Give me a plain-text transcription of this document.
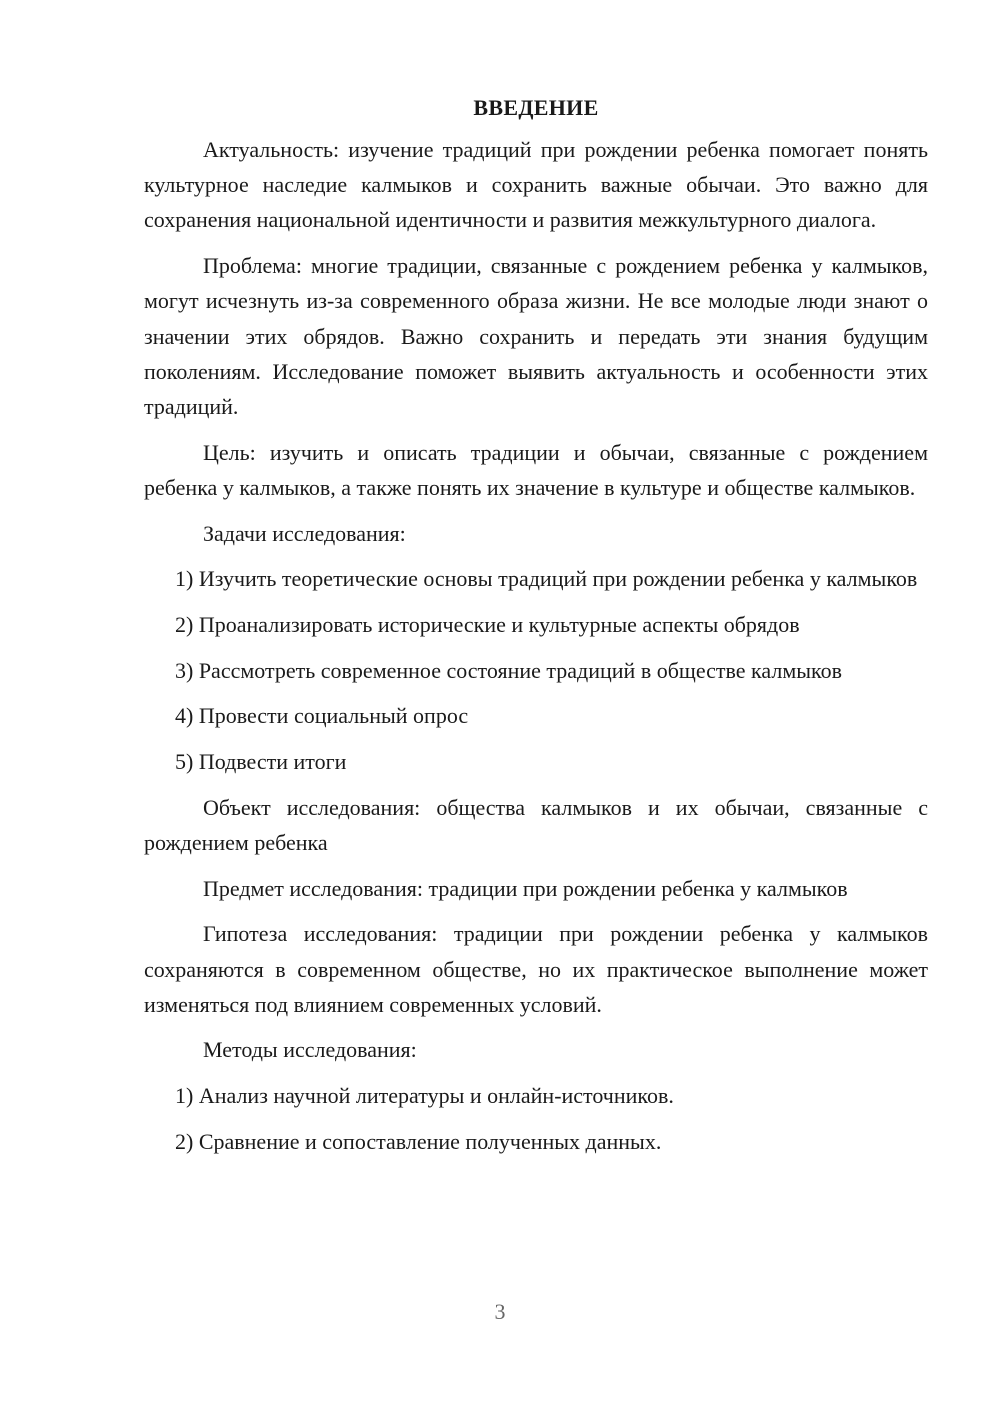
ВВЕДЕНИЕ

Актуальность: изучение традиций при рождении ребенка помогает понять культурное наследие калмыков и сохранить важные обычаи. Это важно для сохранения национальной идентичности и развития межкультурного диалога.

Проблема: многие традиции, связанные с рождением ребенка у калмыков, могут исчезнуть из-за современного образа жизни. Не все молодые люди знают о значении этих обрядов. Важно сохранить и передать эти знания будущим поколениям. Исследование поможет выявить актуальность и особенности этих традиций.

Цель: изучить и описать традиции и обычаи, связанные с рождением ребенка у калмыков, а также понять их значение в культуре и обществе калмыков.

Задачи исследования:

1) Изучить теоретические основы традиций при рождении ребенка у калмыков

2) Проанализировать исторические и культурные аспекты обрядов

3) Рассмотреть современное состояние традиций в обществе калмыков

4) Провести социальный опрос

5) Подвести итоги

Объект исследования: общества калмыков и их обычаи, связанные с рождением ребенка

Предмет исследования: традиции при рождении ребенка у калмыков

Гипотеза исследования: традиции при рождении ребенка у калмыков сохраняются в современном обществе, но их практическое выполнение может изменяться под влиянием современных условий.

Методы исследования:

1) Анализ научной литературы и онлайн-источников.

2) Сравнение и сопоставление полученных данных.

3
